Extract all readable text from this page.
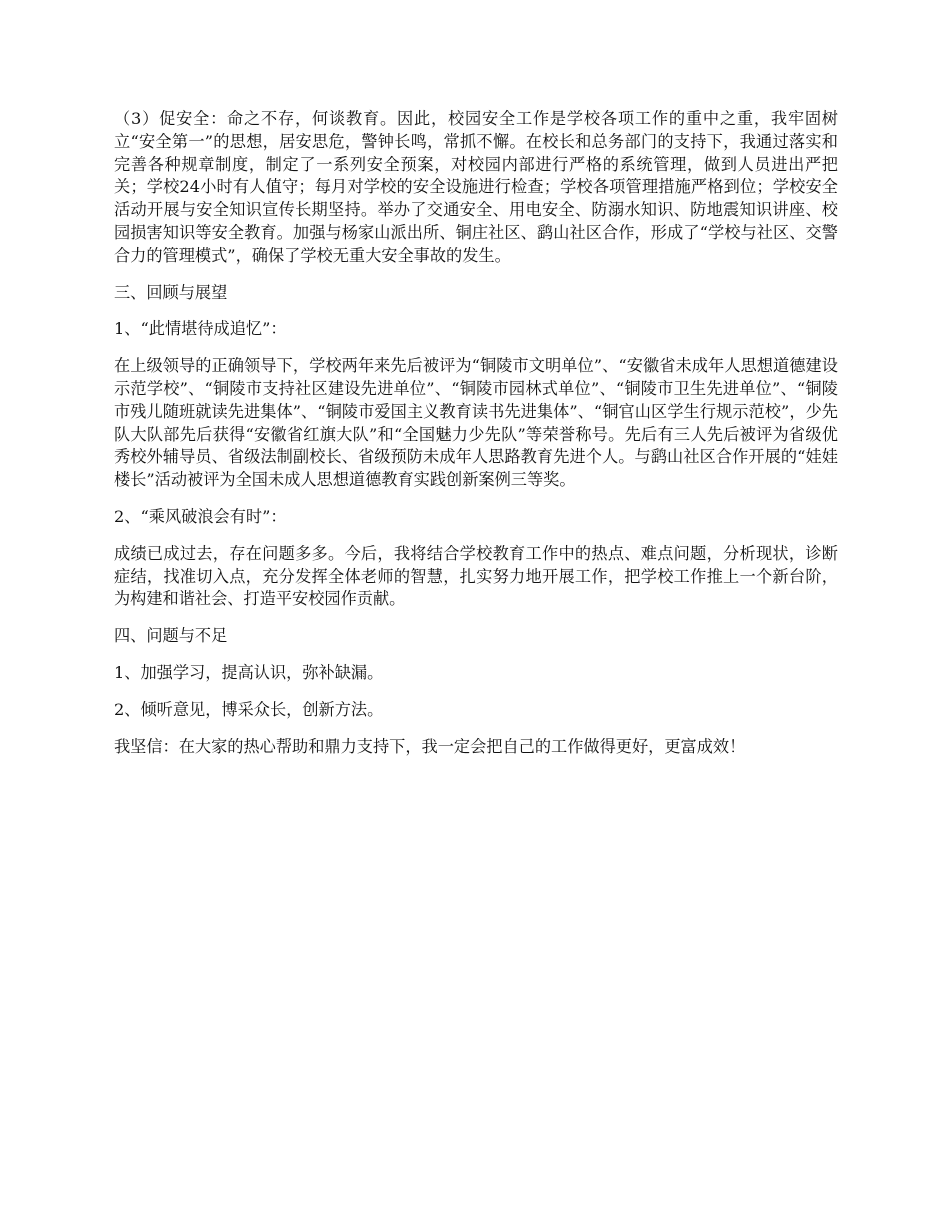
（3）促安全：命之不存，何谈教育。因此，校园安全工作是学校各项工作的重中之重，我牢固树立“安全第一”的思想，居安思危，警钟长鸣，常抓不懈。在校长和总务部门的支持下，我通过落实和完善各种规章制度，制定了一系列安全预案，对校园内部进行严格的系统管理，做到人员进出严把关；学校24小时有人值守；每月对学校的安全设施进行检查；学校各项管理措施严格到位；学校安全活动开展与安全知识宣传长期坚持。举办了交通安全、用电安全、防溺水知识、防地震知识讲座、校园损害知识等安全教育。加强与杨家山派出所、铜庄社区、鹞山社区合作，形成了“学校与社区、交警合力的管理模式”，确保了学校无重大安全事故的发生。

三、回顾与展望

1、“此情堪待成追忆”：

在上级领导的正确领导下，学校两年来先后被评为“铜陵市文明单位”、“安徽省未成年人思想道德建设示范学校”、“铜陵市支持社区建设先进单位”、“铜陵市园林式单位”、“铜陵市卫生先进单位”、“铜陵市残儿随班就读先进集体”、“铜陵市爱国主义教育读书先进集体”、“铜官山区学生行规示范校”，少先队大队部先后获得“安徽省红旗大队”和“全国魅力少先队”等荣誉称号。先后有三人先后被评为省级优秀校外辅导员、省级法制副校长、省级预防未成年人思路教育先进个人。与鹞山社区合作开展的“娃娃楼长”活动被评为全国未成人思想道德教育实践创新案例三等奖。

2、“乘风破浪会有时”：

成绩已成过去，存在问题多多。今后，我将结合学校教育工作中的热点、难点问题，分析现状，诊断症结，找准切入点，充分发挥全体老师的智慧，扎实努力地开展工作，把学校工作推上一个新台阶，为构建和谐社会、打造平安校园作贡献。

四、问题与不足

1、加强学习，提高认识，弥补缺漏。

2、倾听意见，博采众长，创新方法。

我坚信：在大家的热心帮助和鼎力支持下，我一定会把自己的工作做得更好，更富成效！
